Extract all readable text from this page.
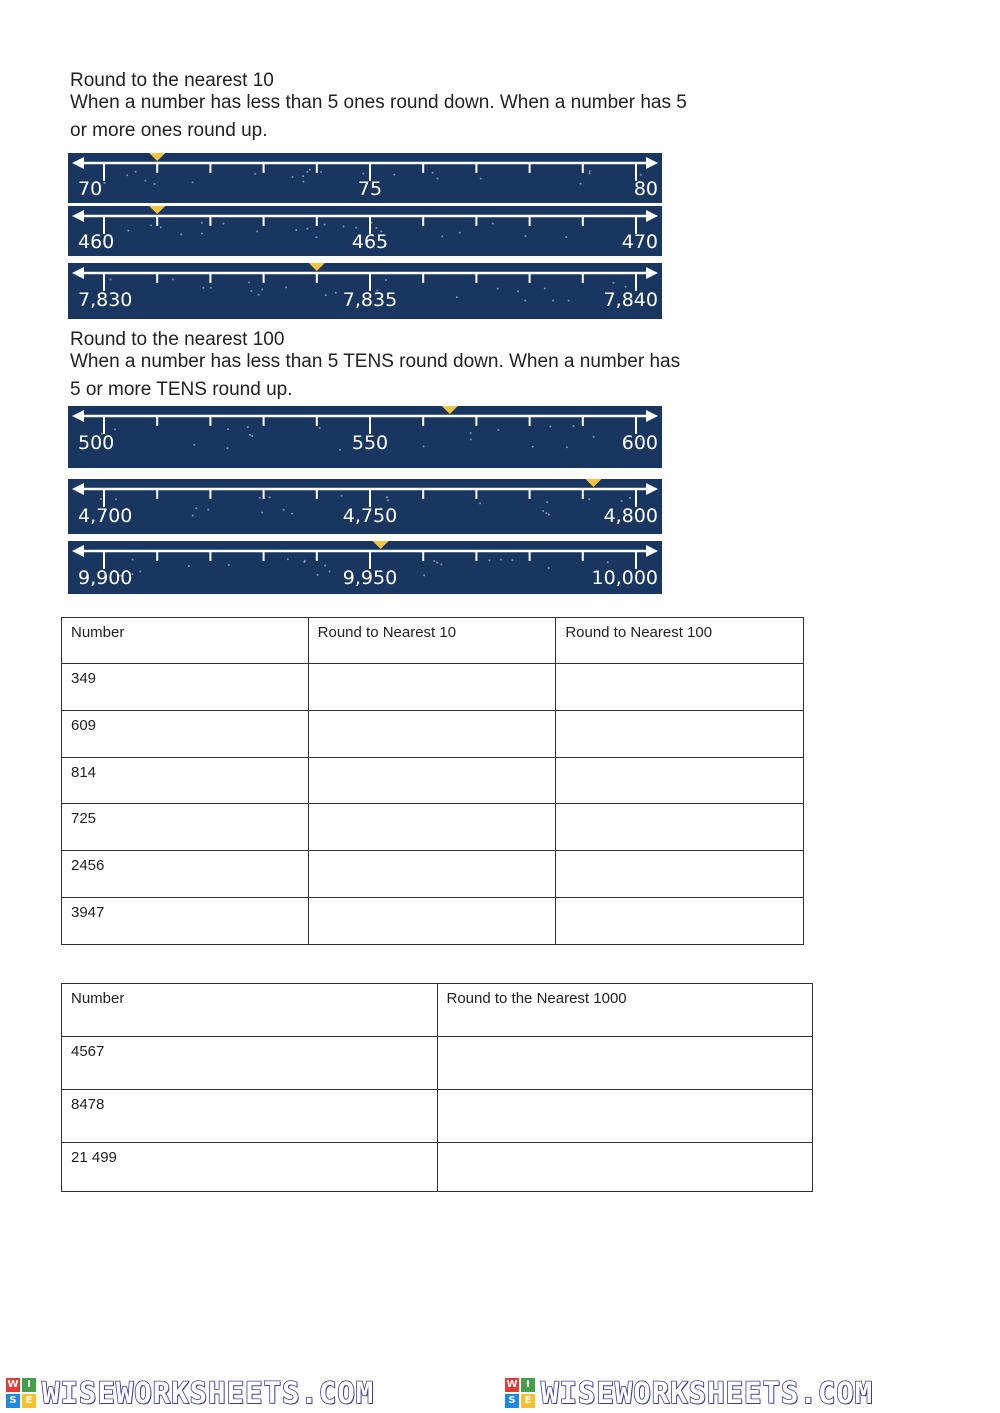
Round to the nearest 10

When a number has less than 5 ones round down. When a number has 5 or more ones round up.

70	75	80
460	465	470
7,830	7,835	7,840
Round to the nearest 100

When a number has less than 5 TENS round down. When a number has 5 or more TENS round up.

500	550	600
4,700	4,750	4,800
9,900	9,950	10,000
Number	Round to Nearest 10	Round to Nearest 100
349		
609		
814		
725		
2456		
3947		
Number	Round to the Nearest 1000
4567	
8478	
21 499	
W I
S E WISEWORKSHEETS.COM	W I
S E WISEWORKSHEETS.COM
